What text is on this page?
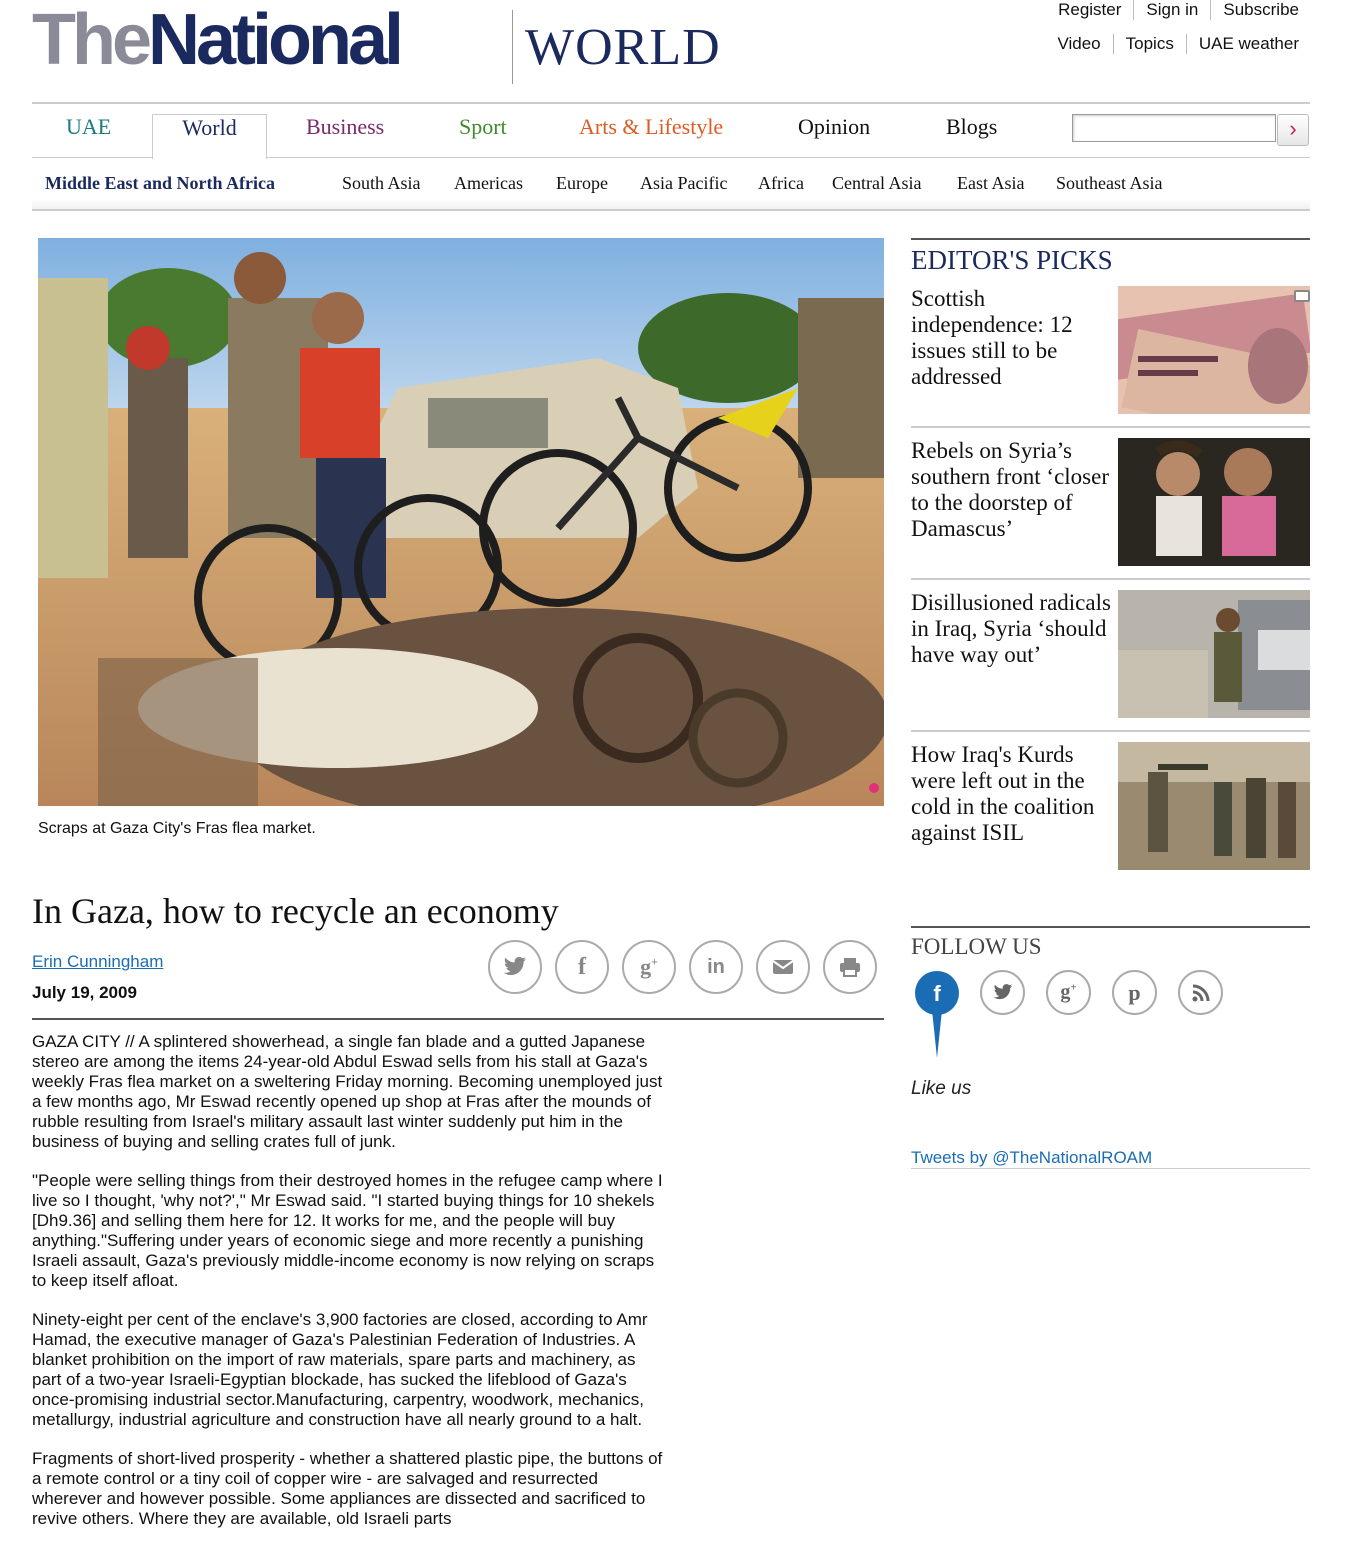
TheNational WORLD
Register	Sign in	Subscribe
Video	Topics	UAE weather
UAE	World	Business	Sport	Arts & Lifestyle	Opinion	Blogs	›
Middle East and North Africa	South Asia Americas Europe Asia Pacific Africa Central Asia East Asia Southeast Asia
Scraps at Gaza City's Fras flea market.
In Gaza, how to recycle an economy
Erin Cunningham
July 19, 2009
f g+ in

GAZA CITY // A splintered showerhead, a single fan blade and a gutted Japanese stereo are among the items 24-year-old Abdul Eswad sells from his stall at Gaza's weekly Fras flea market on a sweltering Friday morning. Becoming unemployed just a few months ago, Mr Eswad recently opened up shop at Fras after the mounds of rubble resulting from Israel's military assault last winter suddenly put him in the business of buying and selling crates full of junk.

"People were selling things from their destroyed homes in the refugee camp where I live so I thought, 'why not?'," Mr Eswad said. "I started buying things for 10 shekels [Dh9.36] and selling them here for 12. It works for me, and the people will buy anything."Suffering under years of economic siege and more recently a punishing Israeli assault, Gaza's previously middle-income economy is now relying on scraps to keep itself afloat.

Ninety-eight per cent of the enclave's 3,900 factories are closed, according to Amr Hamad, the executive manager of Gaza's Palestinian Federation of Industries. A blanket prohibition on the import of raw materials, spare parts and machinery, as part of a two-year Israeli-Egyptian blockade, has sucked the lifeblood of Gaza's once-promising industrial sector.Manufacturing, carpentry, woodwork, mechanics, metallurgy, industrial agriculture and construction have all nearly ground to a halt.

Fragments of short-lived prosperity - whether a shattered plastic pipe, the buttons of a remote control or a tiny coil of copper wire - are salvaged and resurrected wherever and however possible. Some appliances are dissected and sacrificed to revive others. Where they are available, old Israeli parts

EDITOR'S PICKS
Scottish independence: 12 issues still to be addressed
Rebels on Syria’s southern front ‘closer to the doorstep of Damascus’
Disillusioned radicals in Iraq, Syria ‘should have way out’
How Iraq's Kurds were left out in the cold in the coalition against ISIL
FOLLOW US
f	g+ p
Like us
Tweets by @TheNationalROAM
